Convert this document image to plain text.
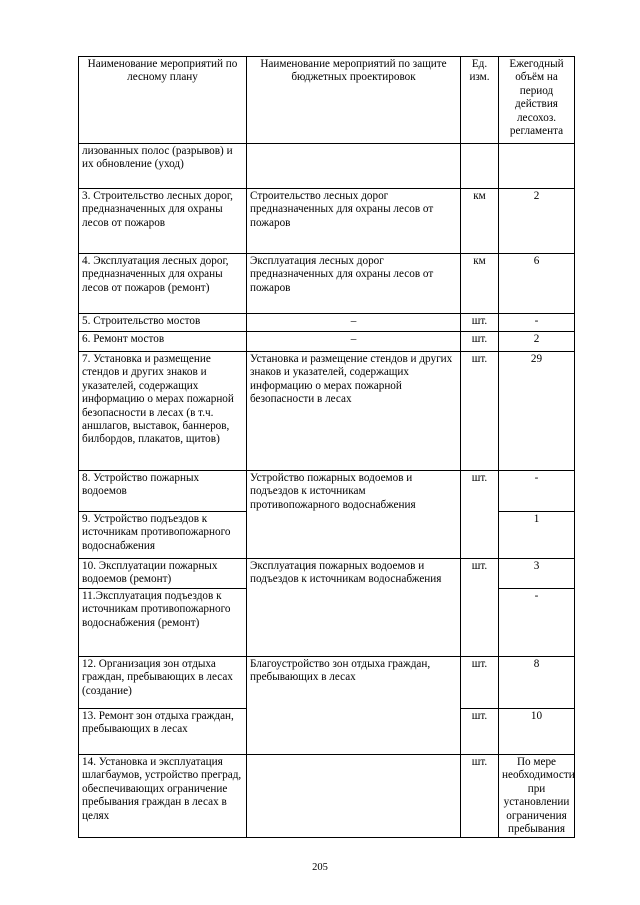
Наименование мероприятий по лесному плану	Наименование мероприятий по защите бюджетных проектировок	Ед. изм.	Ежегодный объём на период действия лесохоз. регламента
лизованных полос (разрывов) и их обновление (уход)			
3. Строительство лесных дорог, предназначенных для охраны лесов от пожаров	Строительство лесных дорог предназначенных для охраны лесов от пожаров	км	2
4. Эксплуатация лесных дорог, предназначенных для охраны лесов от пожаров (ремонт)	Эксплуатация лесных дорог предназначенных для охраны лесов от пожаров	км	6
5. Строительство мостов	–	шт.	-
6. Ремонт мостов	–	шт.	2
7. Установка и размещение стендов и других знаков и указателей, содержащих информацию о мерах пожарной безопасности в лесах (в т.ч. аншлагов, выставок, баннеров, билбордов, плакатов, щитов)	Установка и размещение стендов и других знаков и указателей, содержащих информацию о мерах пожарной безопасности в лесах	шт.	29
8. Устройство пожарных водоемов	Устройство пожарных водоемов и подъездов к источникам противопожарного водоснабжения	шт.	-
9. Устройство подъездов к источникам противопожарного водоснабжения			1
10. Эксплуатации пожарных водоемов (ремонт)	Эксплуатация пожарных водоемов и подъездов к источникам водоснабжения	шт.	3
11.Эксплуатация подъездов к источникам противопожарного водоснабжения (ремонт)			-
12. Организация зон отдыха граждан, пребывающих в лесах (создание)	Благоустройство зон отдыха граждан, пребывающих в лесах	шт.	8
13. Ремонт зон отдыха граждан, пребывающих в лесах		шт.	10
14. Установка и эксплуатация шлагбаумов, устройство преград, обеспечивающих ограничение пребывания граждан в лесах в целях		шт.	По мере необходимости при установлении ограничения пребывания
205
